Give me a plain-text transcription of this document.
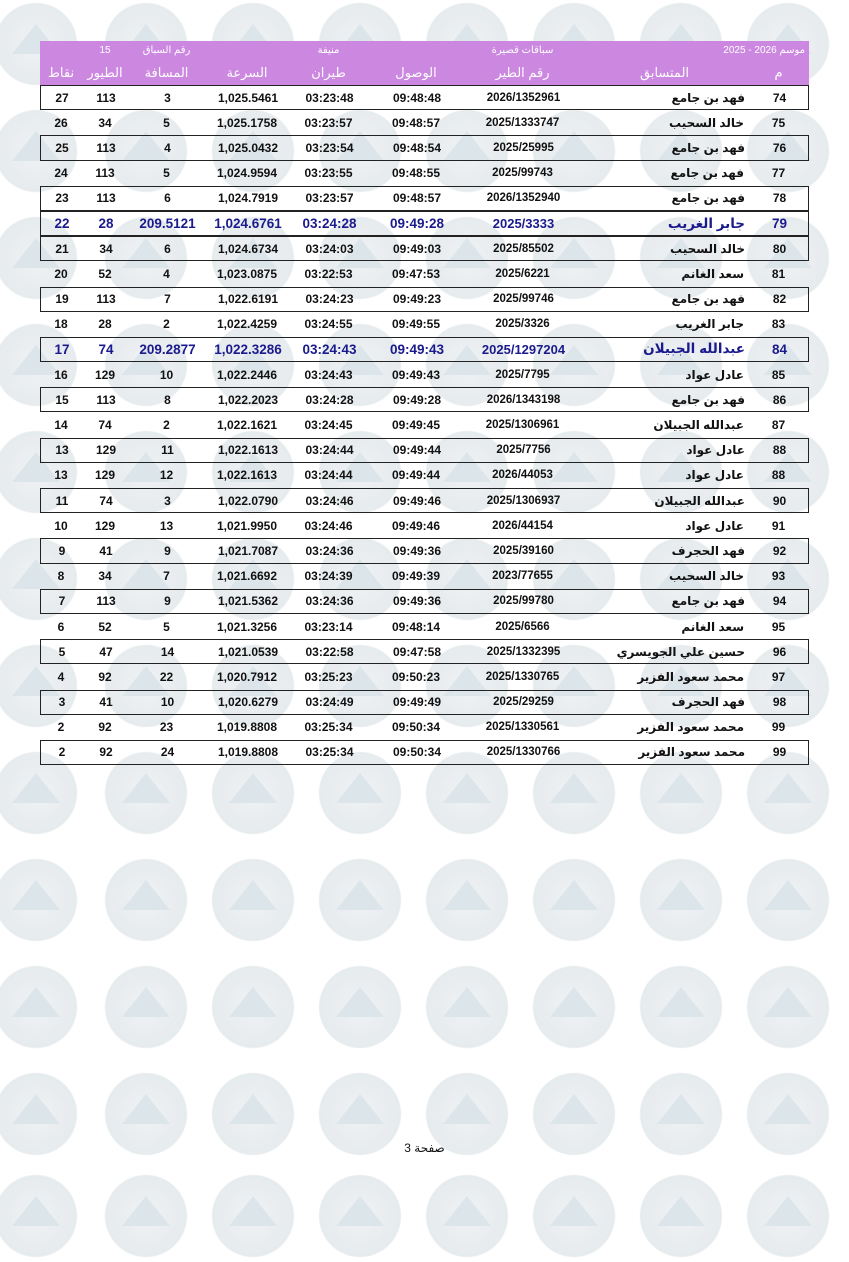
15	رقم السباق	منيفة	سباقات قصيرة	موسم 2026 - 2025
نقاط	الطيور	المسافة	السرعة	طيران	الوصول	رقم الطير	المتسابق	م
27	113	3	1,025.5461	03:23:48	09:48:48	2026/1352961	فهد بن جامع	74
26	34	5	1,025.1758	03:23:57	09:48:57	2025/1333747	خالد السحيب	75
25	113	4	1,025.0432	03:23:54	09:48:54	2025/25995	فهد بن جامع	76
24	113	5	1,024.9594	03:23:55	09:48:55	2025/99743	فهد بن جامع	77
23	113	6	1,024.7919	03:23:57	09:48:57	2026/1352940	فهد بن جامع	78
22	28	209.5121	1,024.6761	03:24:28	09:49:28	2025/3333	جابر الغريب	79
21	34	6	1,024.6734	03:24:03	09:49:03	2025/85502	خالد السحيب	80
20	52	4	1,023.0875	03:22:53	09:47:53	2025/6221	سعد الغانم	81
19	113	7	1,022.6191	03:24:23	09:49:23	2025/99746	فهد بن جامع	82
18	28	2	1,022.4259	03:24:55	09:49:55	2025/3326	جابر الغريب	83
17	74	209.2877	1,022.3286	03:24:43	09:49:43	2025/1297204	عبدالله الجبيلان	84
16	129	10	1,022.2446	03:24:43	09:49:43	2025/7795	عادل عواد	85
15	113	8	1,022.2023	03:24:28	09:49:28	2026/1343198	فهد بن جامع	86
14	74	2	1,022.1621	03:24:45	09:49:45	2025/1306961	عبدالله الجبيلان	87
13	129	11	1,022.1613	03:24:44	09:49:44	2025/7756	عادل عواد	88
13	129	12	1,022.1613	03:24:44	09:49:44	2026/44053	عادل عواد	88
11	74	3	1,022.0790	03:24:46	09:49:46	2025/1306937	عبدالله الجبيلان	90
10	129	13	1,021.9950	03:24:46	09:49:46	2026/44154	عادل عواد	91
9	41	9	1,021.7087	03:24:36	09:49:36	2025/39160	فهد الحجرف	92
8	34	7	1,021.6692	03:24:39	09:49:39	2023/77655	خالد السحيب	93
7	113	9	1,021.5362	03:24:36	09:49:36	2025/99780	فهد بن جامع	94
6	52	5	1,021.3256	03:23:14	09:48:14	2025/6566	سعد الغانم	95
5	47	14	1,021.0539	03:22:58	09:47:58	2025/1332395	حسين علي الجويسري	96
4	92	22	1,020.7912	03:25:23	09:50:23	2025/1330765	محمد سعود الفزير	97
3	41	10	1,020.6279	03:24:49	09:49:49	2025/29259	فهد الحجرف	98
2	92	23	1,019.8808	03:25:34	09:50:34	2025/1330561	محمد سعود الفزير	99
2	92	24	1,019.8808	03:25:34	09:50:34	2025/1330766	محمد سعود الفزير	99
صفحة 3
